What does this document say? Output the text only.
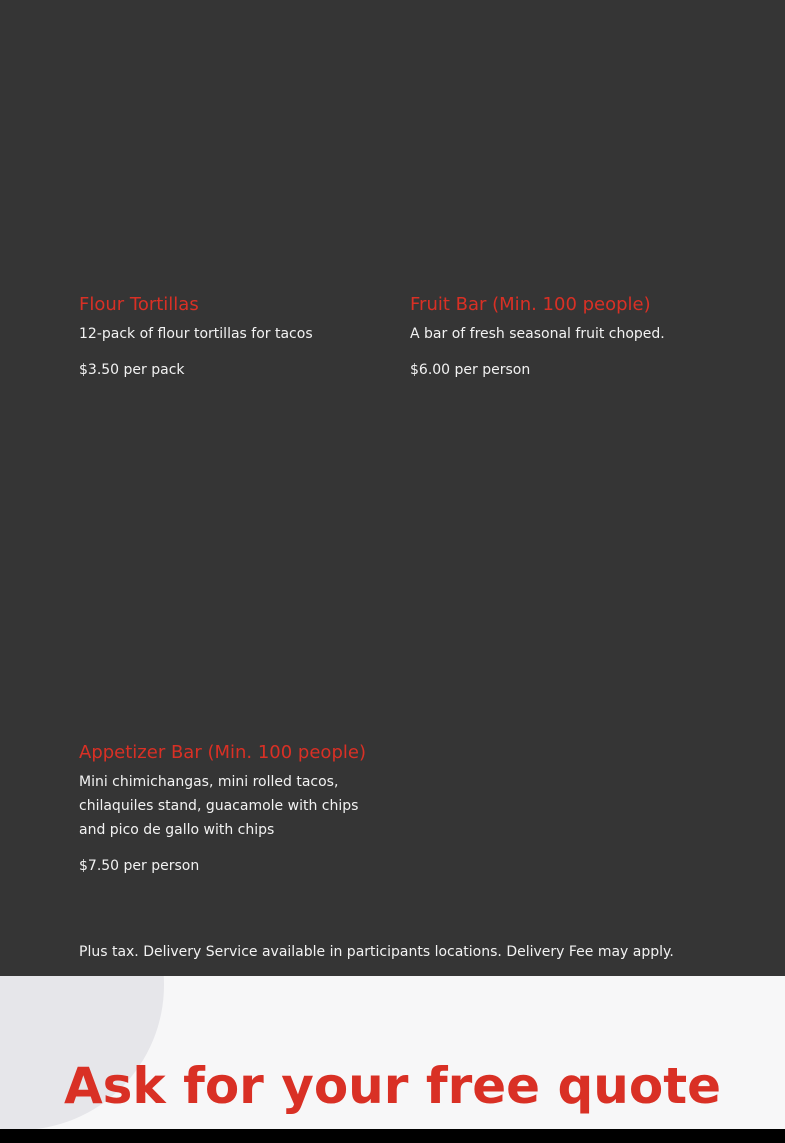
Flour Tortillas

12-pack of flour tortillas for tacos

$3.50 per pack

Fruit Bar (Min. 100 people)

A bar of fresh seasonal fruit choped.

$6.00 per person

Appetizer Bar (Min. 100 people)

Mini chimichangas, mini rolled tacos, chilaquiles stand, guacamole with chips and pico de gallo with chips

$7.50 per person

Plus tax. Delivery Service available in participants locations. Delivery Fee may apply.

Ask for your free quote
